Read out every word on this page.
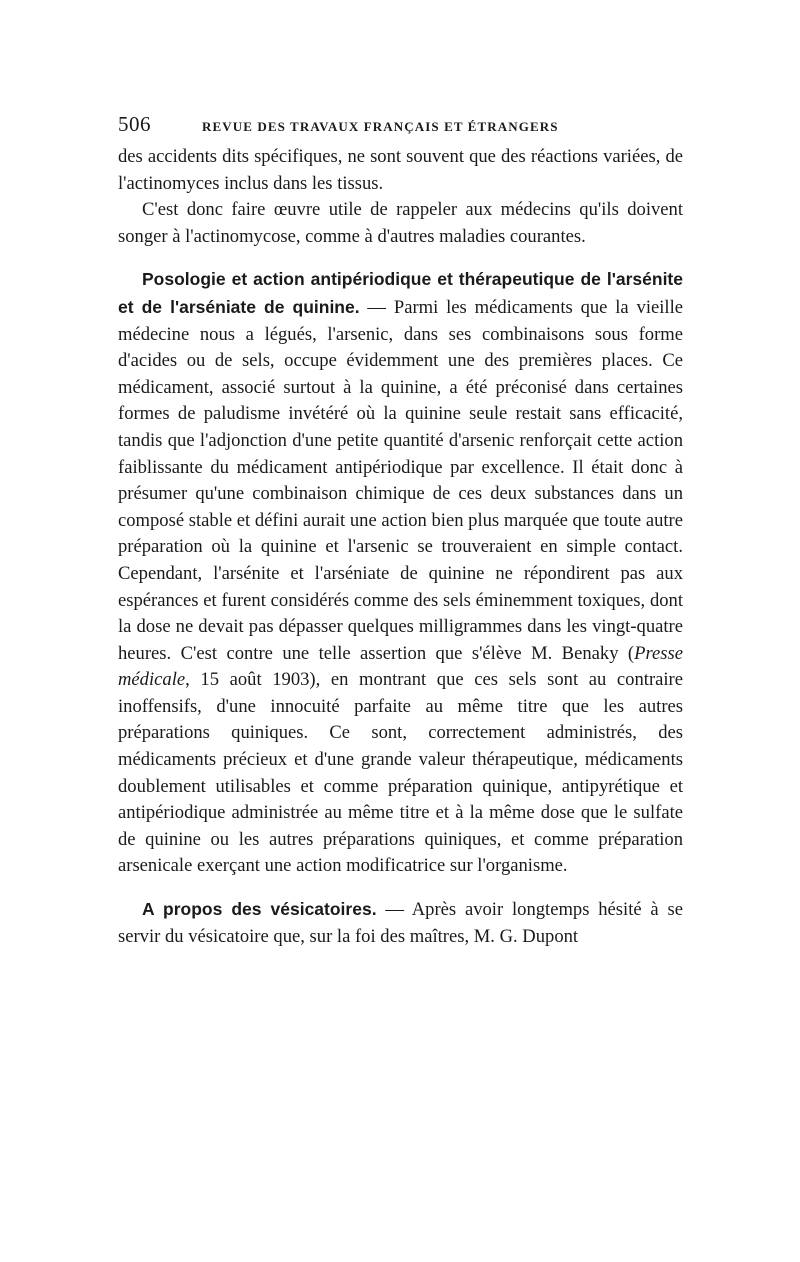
506	REVUE DES TRAVAUX FRANÇAIS ET ÉTRANGERS

des accidents dits spécifiques, ne sont souvent que des réactions variées, de l'actinomyces inclus dans les tissus.

C'est donc faire œuvre utile de rappeler aux médecins qu'ils doivent songer à l'actinomycose, comme à d'autres maladies courantes.

Posologie et action antipériodique et thérapeutique de l'arsénite et de l'arséniate de quinine. — Parmi les médicaments que la vieille médecine nous a légués, l'arsenic, dans ses combinaisons sous forme d'acides ou de sels, occupe évidemment une des premières places. Ce médicament, associé surtout à la quinine, a été préconisé dans certaines formes de paludisme invétéré où la quinine seule restait sans efficacité, tandis que l'adjonction d'une petite quantité d'arsenic renforçait cette action faiblissante du médicament antipériodique par excellence. Il était donc à présumer qu'une combinaison chimique de ces deux substances dans un composé stable et défini aurait une action bien plus marquée que toute autre préparation où la quinine et l'arsenic se trouveraient en simple contact. Cependant, l'arsénite et l'arséniate de quinine ne répondirent pas aux espérances et furent considérés comme des sels éminemment toxiques, dont la dose ne devait pas dépasser quelques milligrammes dans les vingt-quatre heures. C'est contre une telle assertion que s'élève M. Benaky (Presse médicale, 15 août 1903), en montrant que ces sels sont au contraire inoffensifs, d'une innocuité parfaite au même titre que les autres préparations quiniques. Ce sont, correctement administrés, des médicaments précieux et d'une grande valeur thérapeutique, médicaments doublement utilisables et comme préparation quinique, antipyrétique et antipériodique administrée au même titre et à la même dose que le sulfate de quinine ou les autres préparations quiniques, et comme préparation arsenicale exerçant une action modificatrice sur l'organisme.

A propos des vésicatoires. — Après avoir longtemps hésité à se servir du vésicatoire que, sur la foi des maîtres, M. G. Dupont
